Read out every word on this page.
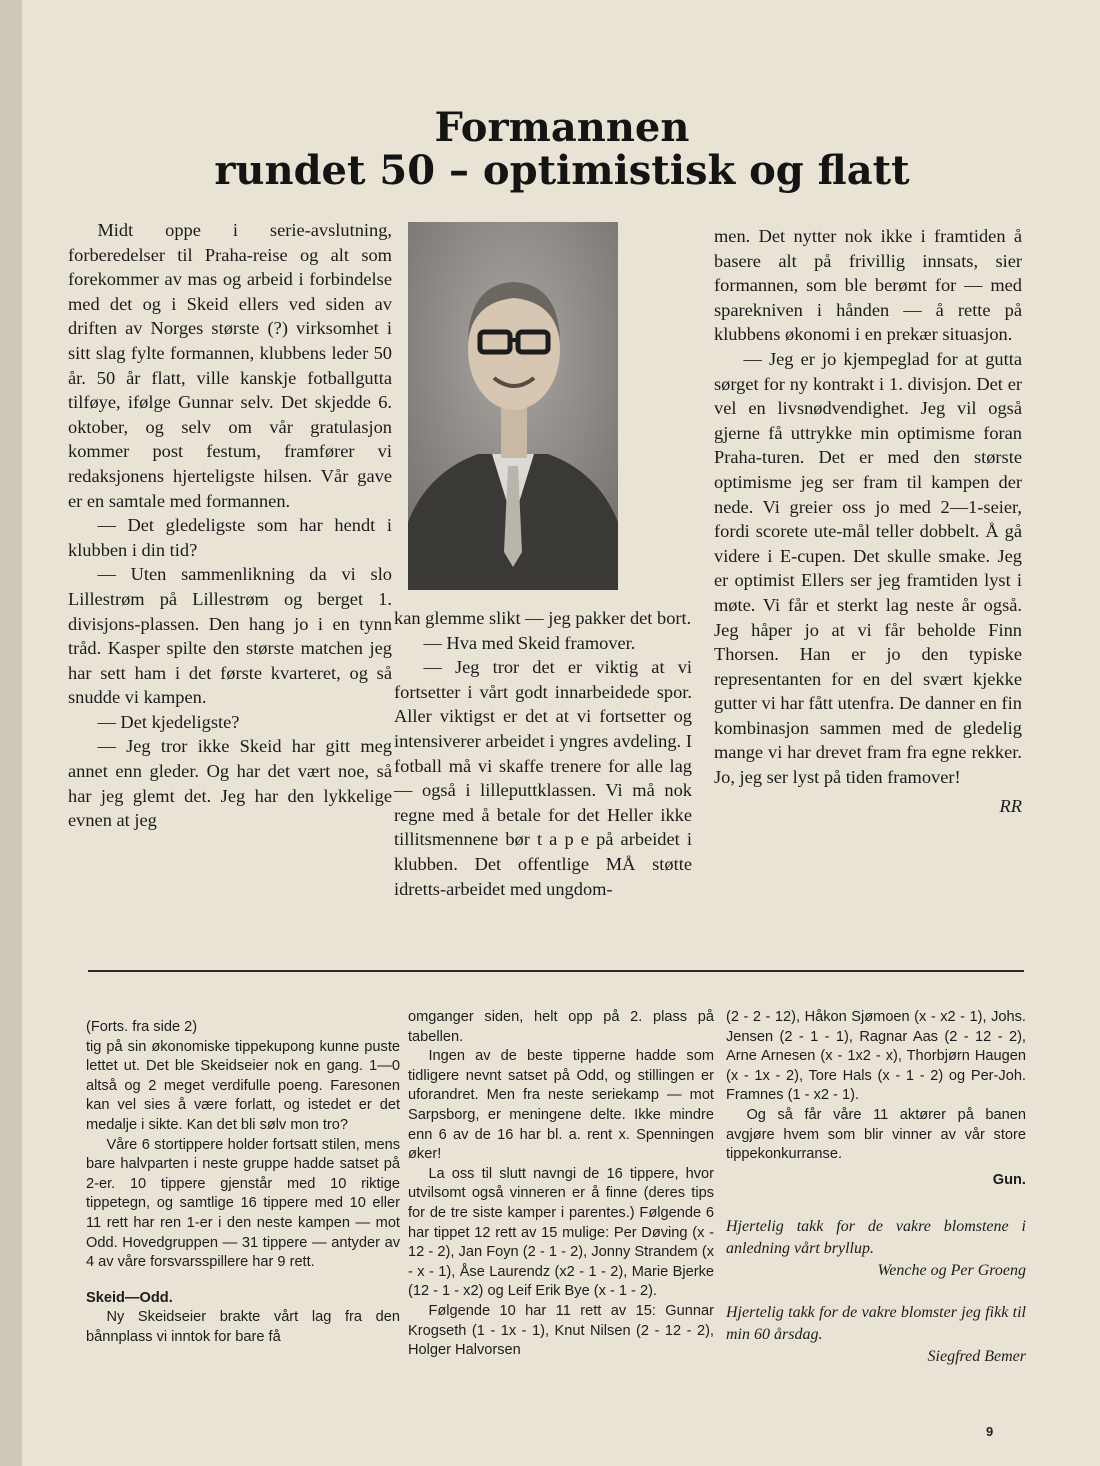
Formannen
rundet 50 – optimistisk og flatt

Midt oppe i serie-avslutning, forberedelser til Praha-reise og alt som forekommer av mas og arbeid i forbindelse med det og i Skeid ellers ved siden av driften av Norges største (?) virksomhet i sitt slag fylte formannen, klubbens leder 50 år. 50 år flatt, ville kanskje fotballgutta tilføye, ifølge Gunnar selv. Det skjedde 6. oktober, og selv om vår gratulasjon kommer post festum, framfører vi redaksjonens hjerteligste hilsen. Vår gave er en samtale med formannen.

— Det gledeligste som har hendt i klubben i din tid?

— Uten sammenlikning da vi slo Lillestrøm på Lillestrøm og berget 1. divisjons-plassen. Den hang jo i en tynn tråd. Kasper spilte den største matchen jeg har sett ham i det første kvarteret, og så snudde vi kampen.

— Det kjedeligste?

— Jeg tror ikke Skeid har gitt meg annet enn gleder. Og har det vært noe, så har jeg glemt det. Jeg har den lykkelige evnen at jeg

kan glemme slikt — jeg pakker det bort.

— Hva med Skeid framover.

— Jeg tror det er viktig at vi fortsetter i vårt godt innarbeidede spor. Aller viktigst er det at vi fortsetter og intensiverer arbeidet i yngres avdeling. I fotball må vi skaffe trenere for alle lag — også i lilleputtklassen. Vi må nok regne med å betale for det Heller ikke tillitsmennene bør t a p e på arbeidet i klubben. Det offentlige MÅ støtte idretts-arbeidet med ungdom-

men. Det nytter nok ikke i framtiden å basere alt på frivillig innsats, sier formannen, som ble berømt for — med sparekniven i hånden — å rette på klubbens økonomi i en prekær situasjon.

— Jeg er jo kjempeglad for at gutta sørget for ny kontrakt i 1. divisjon. Det er vel en livsnødvendighet. Jeg vil også gjerne få uttrykke min optimisme foran Praha-turen. Det er med den største optimisme jeg ser fram til kampen der nede. Vi greier oss jo med 2—1-seier, fordi scorete ute-mål teller dobbelt. Å gå videre i E-cupen. Det skulle smake. Jeg er optimist Ellers ser jeg framtiden lyst i møte. Vi får et sterkt lag neste år også. Jeg håper jo at vi får beholde Finn Thorsen. Han er jo den typiske representanten for en del svært kjekke gutter vi har fått utenfra. De danner en fin kombinasjon sammen med de gledelig mange vi har drevet fram fra egne rekker. Jo, jeg ser lyst på tiden framover!

RR

(Forts. fra side 2)

tig på sin økonomiske tippekupong kunne puste lettet ut. Det ble Skeidseier nok en gang. 1—0 altså og 2 meget verdifulle poeng. Faresonen kan vel sies å være forlatt, og istedet er det medalje i sikte. Kan det bli sølv mon tro?

Våre 6 stortippere holder fortsatt stilen, mens bare halvparten i neste gruppe hadde satset på 2-er. 10 tippere gjenstår med 10 riktige tippetegn, og samtlige 16 tippere med 10 eller 11 rett har ren 1-er i den neste kampen — mot Odd. Hovedgruppen — 31 tippere — antyder av 4 av våre forsvarsspillere har 9 rett.

Skeid—Odd.

Ny Skeidseier brakte vårt lag fra den bånnplass vi inntok for bare få

omganger siden, helt opp på 2. plass på tabellen.

Ingen av de beste tipperne hadde som tidligere nevnt satset på Odd, og stillingen er uforandret. Men fra neste seriekamp — mot Sarpsborg, er meningene delte. Ikke mindre enn 6 av de 16 har bl. a. rent x. Spenningen øker!

La oss til slutt navngi de 16 tippere, hvor utvilsomt også vinneren er å finne (deres tips for de tre siste kamper i parentes.) Følgende 6 har tippet 12 rett av 15 mulige: Per Døving (x - 12 - 2), Jan Foyn (2 - 1 - 2), Jonny Strandem (x - x - 1), Åse Laurendz (x2 - 1 - 2), Marie Bjerke (12 - 1 - x2) og Leif Erik Bye (x - 1 - 2).

Følgende 10 har 11 rett av 15: Gunnar Krogseth (1 - 1x - 1), Knut Nilsen (2 - 12 - 2), Holger Halvorsen

(2 - 2 - 12), Håkon Sjømoen (x - x2 - 1), Johs. Jensen (2 - 1 - 1), Ragnar Aas (2 - 12 - 2), Arne Arnesen (x - 1x2 - x), Thorbjørn Haugen (x - 1x - 2), Tore Hals (x - 1 - 2) og Per-Joh. Framnes (1 - x2 - 1).

Og så får våre 11 aktører på banen avgjøre hvem som blir vinner av vår store tippekonkurranse.

Gun.

Hjertelig takk for de vakre blomstene i anledning vårt bryllup.

Wenche og Per Groeng

Hjertelig takk for de vakre blomster jeg fikk til min 60 årsdag.

Siegfred Bemer

9
